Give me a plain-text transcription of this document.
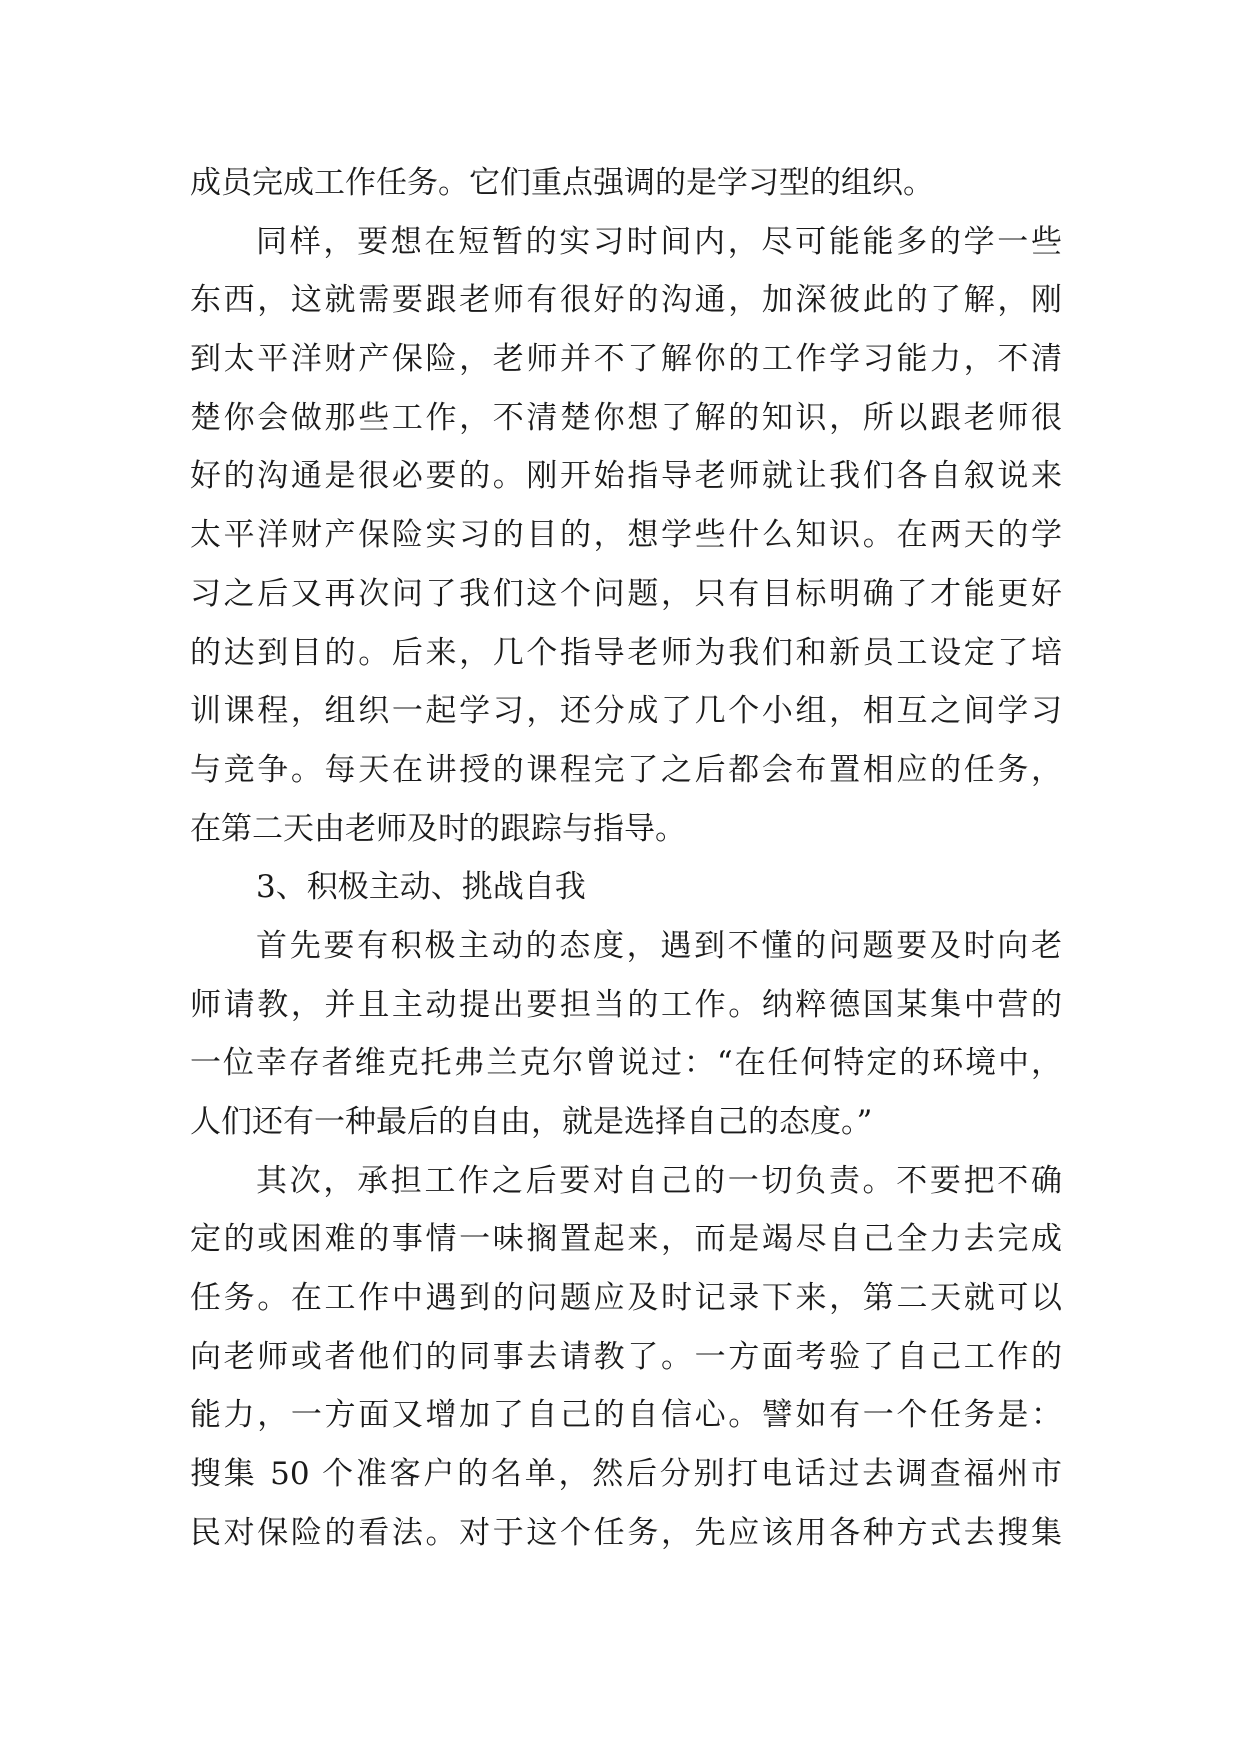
成员完成工作任务。它们重点强调的是学习型的组织。
同样，要想在短暂的实习时间内，尽可能能多的学一些
东西，这就需要跟老师有很好的沟通，加深彼此的了解，刚
到太平洋财产保险，老师并不了解你的工作学习能力，不清
楚你会做那些工作，不清楚你想了解的知识，所以跟老师很
好的沟通是很必要的。刚开始指导老师就让我们各自叙说来
太平洋财产保险实习的目的，想学些什么知识。在两天的学
习之后又再次问了我们这个问题，只有目标明确了才能更好
的达到目的。后来，几个指导老师为我们和新员工设定了培
训课程，组织一起学习，还分成了几个小组，相互之间学习
与竞争。每天在讲授的课程完了之后都会布置相应的任务，
在第二天由老师及时的跟踪与指导。
3、积极主动、挑战自我
首先要有积极主动的态度，遇到不懂的问题要及时向老
师请教，并且主动提出要担当的工作。纳粹德国某集中营的
一位幸存者维克托弗兰克尔曾说过：“在任何特定的环境中，
人们还有一种最后的自由，就是选择自己的态度。”
其次，承担工作之后要对自己的一切负责。不要把不确
定的或困难的事情一味搁置起来，而是竭尽自己全力去完成
任务。在工作中遇到的问题应及时记录下来，第二天就可以
向老师或者他们的同事去请教了。一方面考验了自己工作的
能力，一方面又增加了自己的自信心。譬如有一个任务是：
搜集 50 个准客户的名单，然后分别打电话过去调查福州市
民对保险的看法。对于这个任务，先应该用各种方式去搜集
